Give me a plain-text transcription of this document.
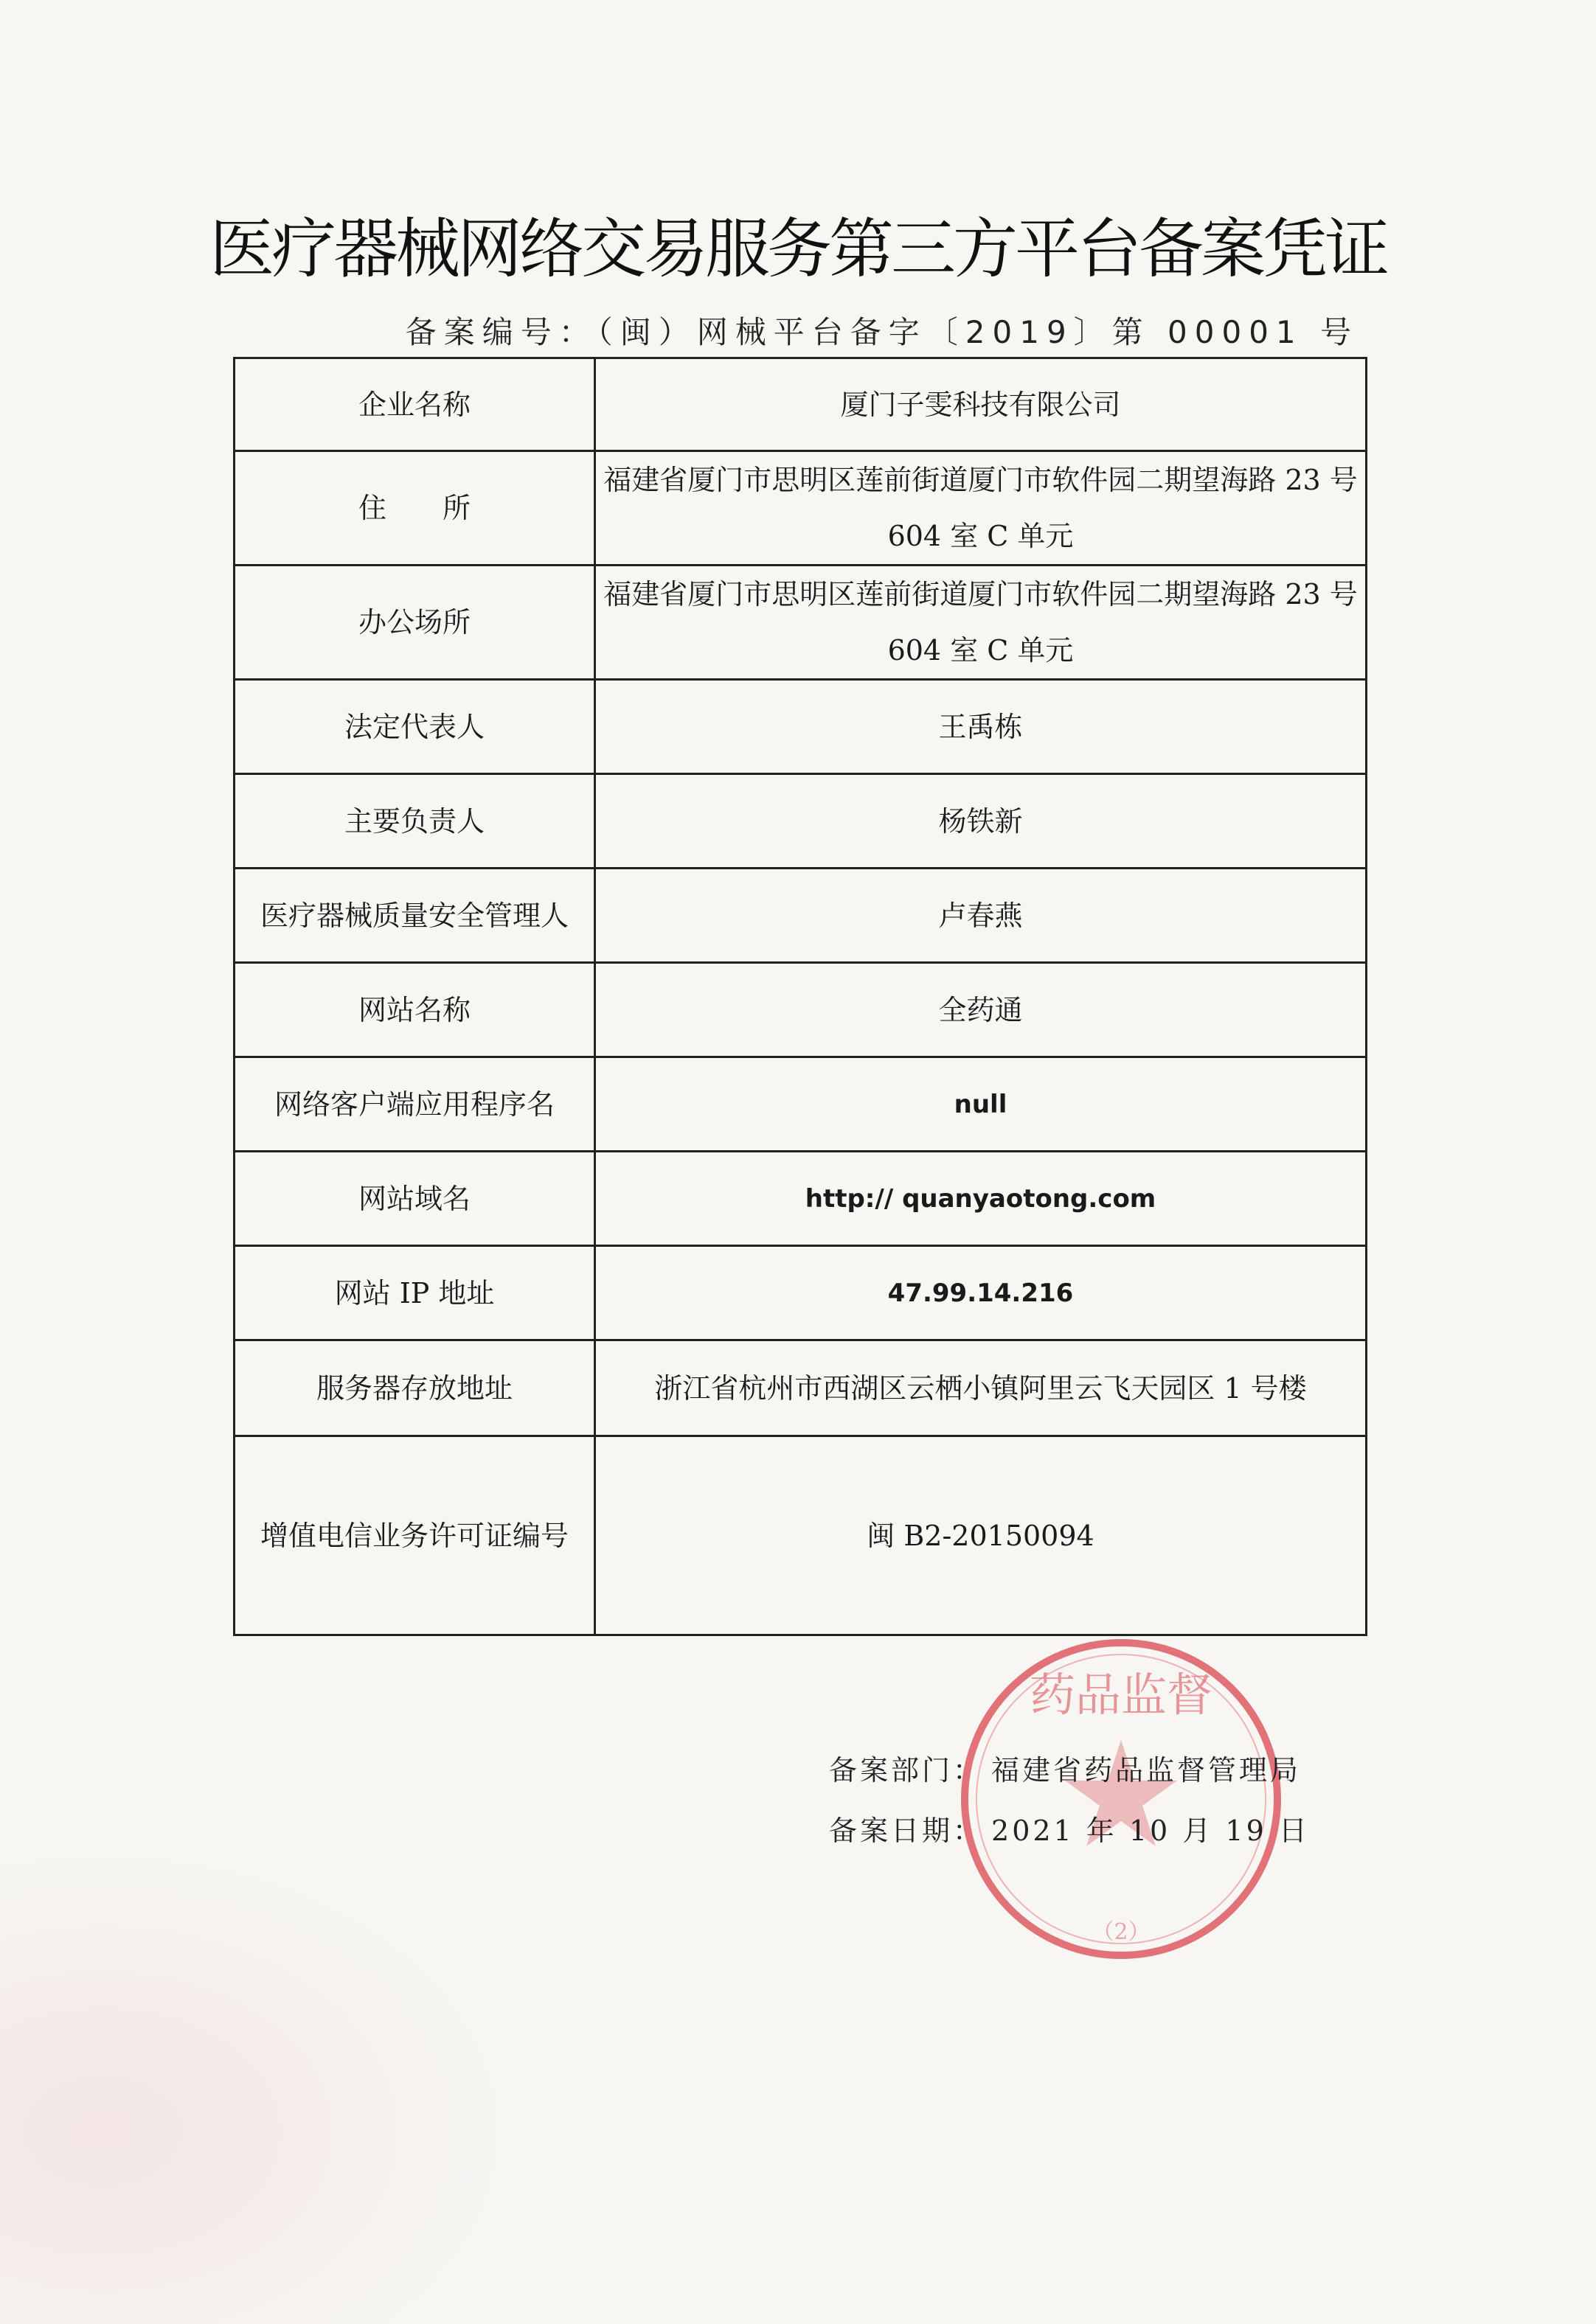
医疗器械网络交易服务第三方平台备案凭证
备案编号：（闽）网械平台备字〔2019〕第 00001 号
企业名称	厦门子雯科技有限公司
住　　所	福建省厦门市思明区莲前街道厦门市软件园二期望海路 23 号
604 室 C 单元

办公场所	福建省厦门市思明区莲前街道厦门市软件园二期望海路 23 号
604 室 C 单元

法定代表人	王禹栋
主要负责人	杨铁新
医疗器械质量安全管理人	卢春燕
网站名称	全药通
网络客户端应用程序名	null
网站域名	http:// quanyaotong.com
网站 IP 地址	47.99.14.216
服务器存放地址	浙江省杭州市西湖区云栖小镇阿里云飞天园区 1 号楼
增值电信业务许可证编号	闽 B2-20150094
药品监督
（2）
备案部门： 福建省药品监督管理局
备案日期： 2021 年 10 月 19 日
